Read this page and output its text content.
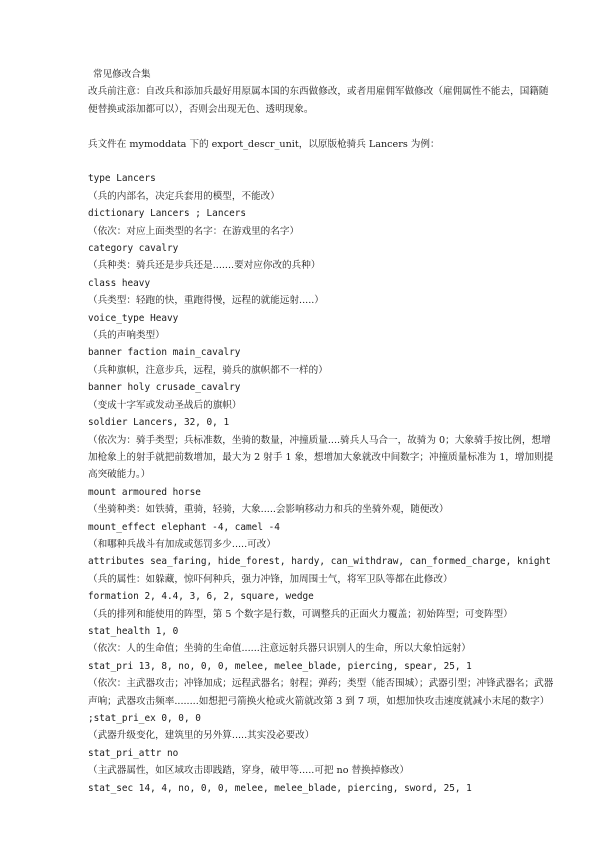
常见修改合集
改兵前注意：自改兵和添加兵最好用原属本国的东西做修改，或者用雇佣军做修改（雇佣属性不能去，国籍随便替换或添加都可以），否则会出现无色、透明现象。
兵文件在 mymoddata 下的 export_descr_unit，以原版枪骑兵 Lancers 为例：
type Lancers
（兵的内部名，决定兵套用的模型，不能改）
dictionary Lancers ; Lancers
（依次：对应上面类型的名字：在游戏里的名字）
category cavalry
（兵种类：骑兵还是步兵还是.......要对应你改的兵种）
class heavy
（兵类型：轻跑的快，重跑得慢，远程的就能远射.....）
voice_type Heavy
（兵的声响类型）
banner faction main_cavalry
（兵种旗帜，注意步兵，远程，骑兵的旗帜都不一样的）
banner holy crusade_cavalry
（变成十字军或发动圣战后的旗帜）
soldier Lancers, 32, 0, 1
（依次为：骑手类型；兵标准数，坐骑的数量，冲撞质量....骑兵人马合一，故骑为 0；大象骑手按比例，想增加枪象上的射手就把前数增加，最大为 2 射手 1 象，想增加大象就改中间数字；冲撞质量标准为 1，增加则提高突破能力。）
mount armoured horse
（坐骑种类：如铁骑，重骑，轻骑，大象.....会影响移动力和兵的坐骑外观，随便改）
mount_effect elephant -4, camel -4
（和哪种兵战斗有加成或惩罚多少.....可改）
attributes sea_faring, hide_forest, hardy, can_withdraw, can_formed_charge, knight
（兵的属性：如躲藏，惊吓何种兵，强力冲锋，加周围士气，将军卫队等都在此修改）
formation 2, 4.4, 3, 6, 2, square, wedge
（兵的排列和能使用的阵型，第 5 个数字是行数，可调整兵的正面火力覆盖；初始阵型；可变阵型）
stat_health 1, 0
（依次：人的生命值；坐骑的生命值......注意远射兵器只识别人的生命，所以大象怕远射）
stat_pri 13, 8, no, 0, 0, melee, melee_blade, piercing, spear, 25, 1
（依次：主武器攻击；冲锋加成；远程武器名；射程；弹药；类型（能否围城）；武器引型；冲锋武器名；武器声响；武器攻击频率........如想把弓箭换火枪或火箭就改第 3 到 7 项，如想加快攻击速度就减小末尾的数字）
;stat_pri_ex 0, 0, 0
（武器升级变化，建筑里的另外算.....其实没必要改）
stat_pri_attr no
（主武器属性，如区域攻击即践踏，穿身，破甲等.....可把 no 替换掉修改）
stat_sec 14, 4, no, 0, 0, melee, melee_blade, piercing, sword, 25, 1
